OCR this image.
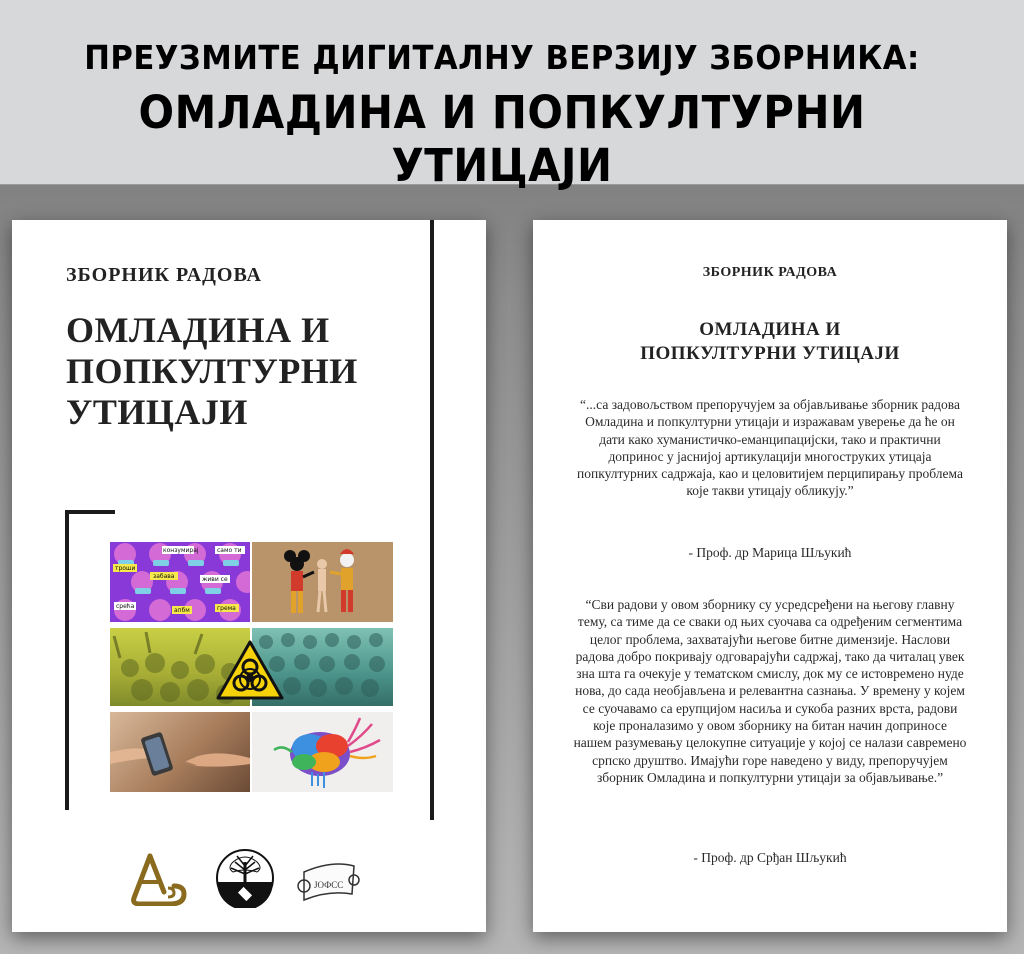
ПРЕУЗМИТЕ ДИГИТАЛНУ ВЕРЗИЈУ ЗБОРНИКА:
ОМЛАДИНА И ПОПКУЛТУРНИ УТИЦАЈИ
ЗБОРНИК РАДОВА
ОМЛАДИНА И
ПОПКУЛТУРНИ
УТИЦАЈИ
троши
конзумирај	само ти
забава	живи се
срећа
апбм	грема
ЈОФСС
ЗБОРНИК РАДОВА
ОМЛАДИНА И
ПОПКУЛТУРНИ УТИЦАЈИ

“...са задовољством препоручујем за објављивање зборник радова Омладина и попкултурни утицаји и изражавам уверење да ће он дати како хуманистичко-еманципацијски, тако и практични допринос у јаснијој артикулацији многоструких утицаја попкултурних садржаја, као и целовитијем перципирању проблема које такви утицају обликују.”

- Проф. др Марица Шљукић

“Сви радови у овом зборнику су усредсређени на његову главну тему, са тиме да се сваки од њих суочава са одређеним сегментима целог проблема, захватајући његове битне димензије. Наслови радова добро покривају одговарајући садржај, тако да читалац увек зна шта га очекује у тематском смислу, док му се истовремено нуде нова, до сада необјављена и релевантна сазнања. У времену у којем се суочавамо са ерупцијом насиља и сукоба разних врста, радови које проналазимо у овом зборнику на битан начин доприносе нашем разумевању целокупне ситуације у којој се налази савремено српско друштво. Имајући горе наведено у виду, препоручујем зборник Омладина и попкултурни утицаји за објављивање.”

- Проф. др Срђан Шљукић
